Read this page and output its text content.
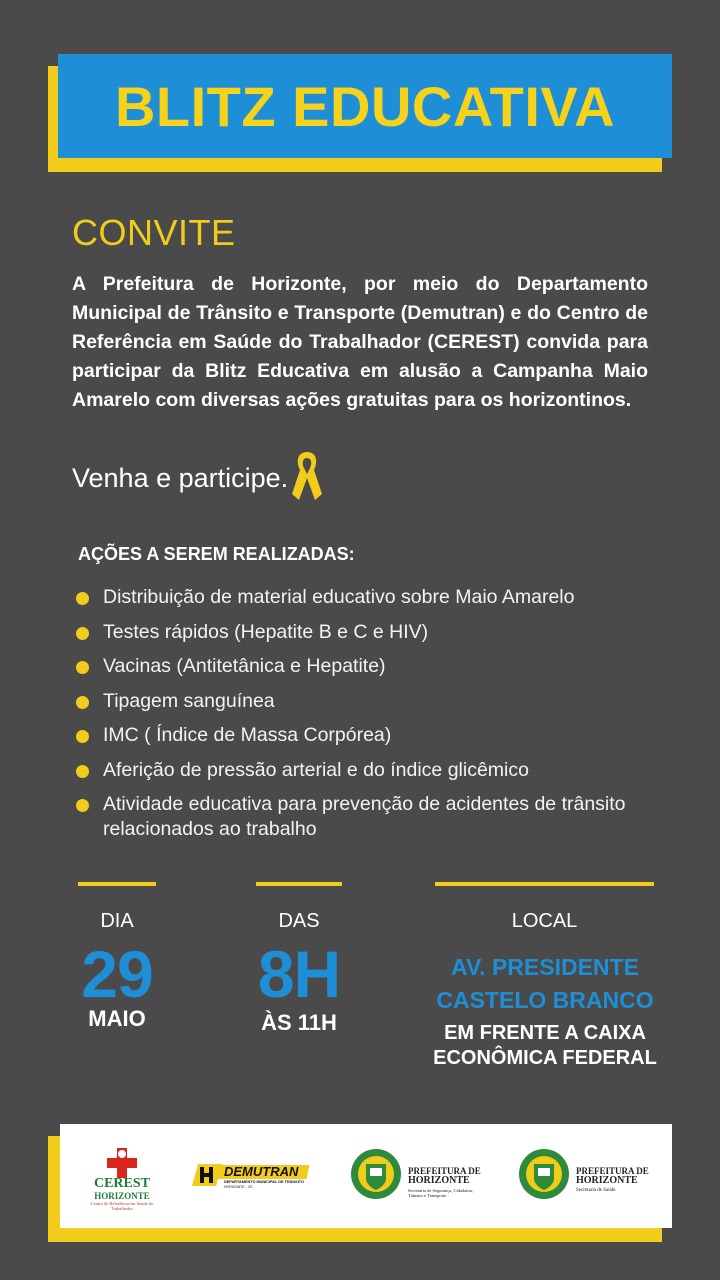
BLITZ EDUCATIVA
CONVITE
A Prefeitura de Horizonte, por meio do Departamento Municipal de Trânsito e Transporte (Demutran) e do Centro de Referência em Saúde do Trabalhador (CEREST) convida para participar da Blitz Educativa em alusão a Campanha Maio Amarelo com diversas ações gratuitas para os horizontinos.
Venha e participe.
AÇÕES A SEREM REALIZADAS:
Distribuição de material educativo sobre Maio Amarelo
Testes rápidos (Hepatite B e C e HIV)
Vacinas (Antitetânica e Hepatite)
Tipagem sanguínea
IMC ( Índice de Massa Corpórea)
Aferição de pressão arterial e do índice glicêmico
Atividade educativa para prevenção de acidentes de trânsito relacionados ao trabalho
DIA
29
MAIO
DAS
8H
ÀS 11H
LOCAL
AV. PRESIDENTE
CASTELO BRANCO
EM FRENTE A CAIXA
ECONÔMICA FEDERAL
CEREST
HORIZONTE
Centro de Referência em Saúde do Trabalhador
DEMUTRAN
DEPARTAMENTO MUNICIPAL DE TRÂNSITO
HORIZONTE - CE
PREFEITURA DE
HORIZONTE
Secretaria de Segurança, Cidadania, Trânsito e Transporte
PREFEITURA DE
HORIZONTE
Secretaria de Saúde
